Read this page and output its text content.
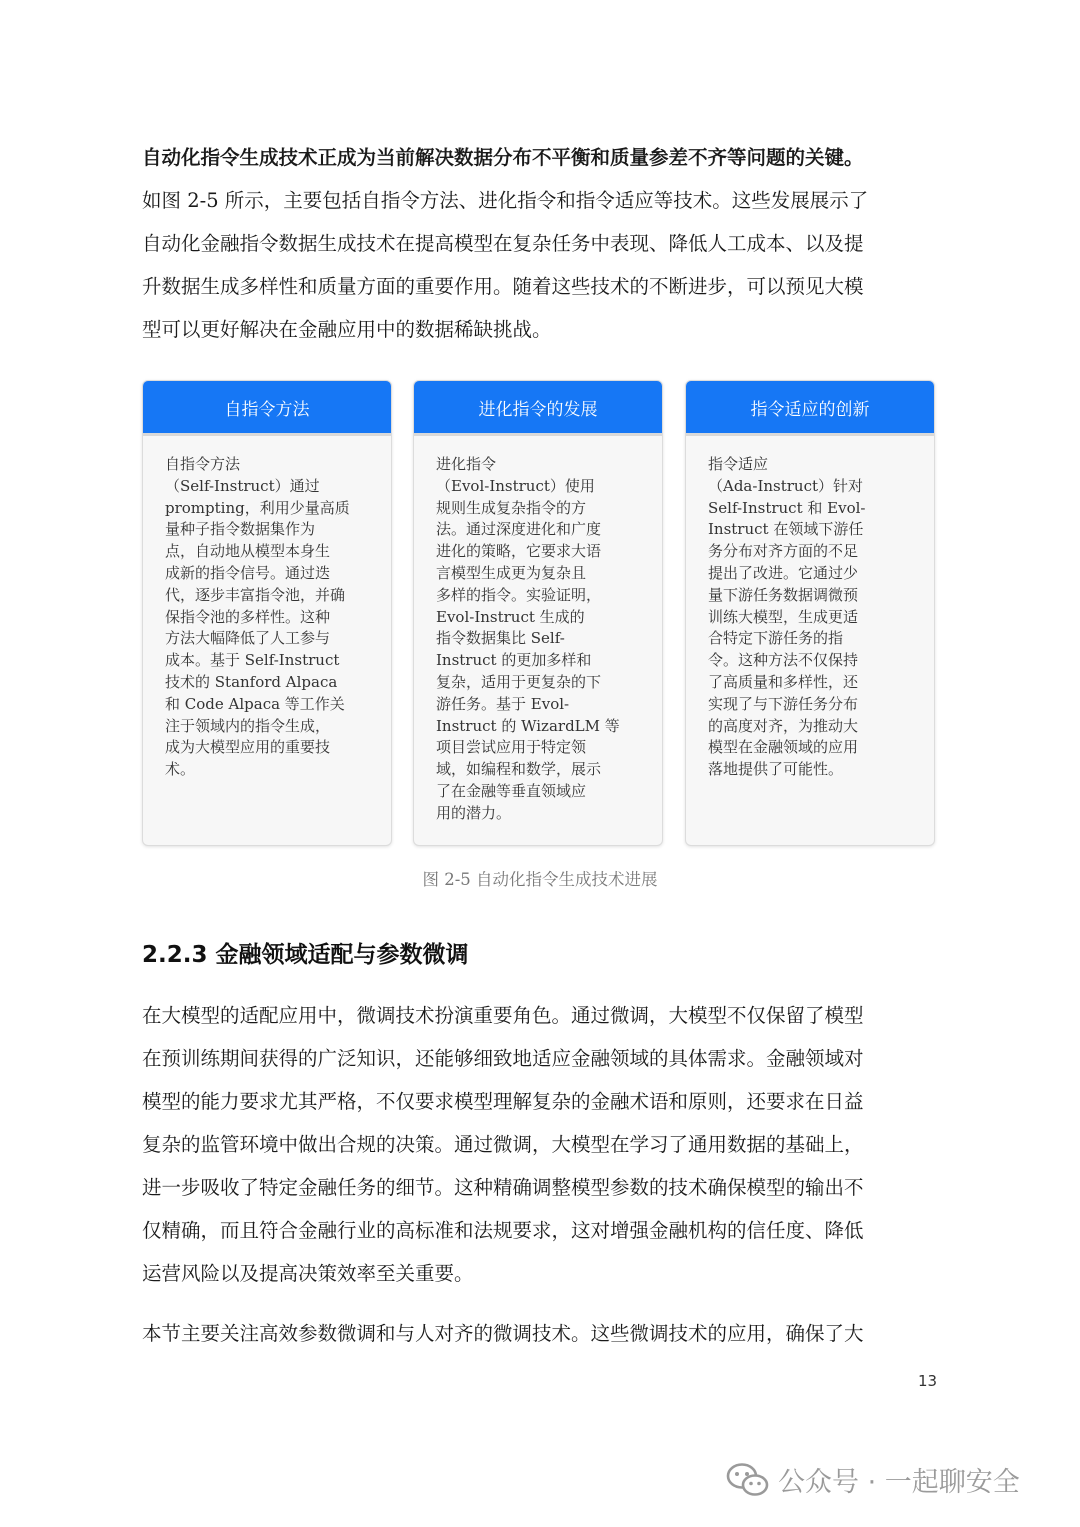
自动化指令生成技术正成为当前解决数据分布不平衡和质量参差不齐等问题的关键。
如图 2-5 所示，主要包括自指令方法、进化指令和指令适应等技术。这些发展展示了
自动化金融指令数据生成技术在提高模型在复杂任务中表现、降低人工成本、以及提
升数据生成多样性和质量方面的重要作用。随着这些技术的不断进步，可以预见大模
型可以更好解决在金融应用中的数据稀缺挑战。
自指令方法
自指令方法
（Self-Instruct）通过
prompting，利用少量高质
量种子指令数据集作为
点，自动地从模型本身生
成新的指令信号。通过迭
代，逐步丰富指令池，并确
保指令池的多样性。这种
方法大幅降低了人工参与
成本。基于 Self-Instruct
技术的 Stanford Alpaca
和 Code Alpaca 等工作关
注于领域内的指令生成，
成为大模型应用的重要技
术。
进化指令的发展
进化指令
（Evol-Instruct）使用
规则生成复杂指令的方
法。通过深度进化和广度
进化的策略，它要求大语
言模型生成更为复杂且
多样的指令。实验证明，
Evol-Instruct 生成的
指令数据集比 Self-
Instruct 的更加多样和
复杂，适用于更复杂的下
游任务。基于 Evol-
Instruct 的 WizardLM 等
项目尝试应用于特定领
域，如编程和数学，展示
了在金融等垂直领域应
用的潜力。
指令适应的创新
指令适应
（Ada-Instruct）针对
Self-Instruct 和 Evol-
Instruct 在领域下游任
务分布对齐方面的不足
提出了改进。它通过少
量下游任务数据调微预
训练大模型，生成更适
合特定下游任务的指
令。这种方法不仅保持
了高质量和多样性，还
实现了与下游任务分布
的高度对齐，为推动大
模型在金融领域的应用
落地提供了可能性。
图 2-5 自动化指令生成技术进展
2.2.3 金融领域适配与参数微调
在大模型的适配应用中，微调技术扮演重要角色。通过微调，大模型不仅保留了模型
在预训练期间获得的广泛知识，还能够细致地适应金融领域的具体需求。金融领域对
模型的能力要求尤其严格，不仅要求模型理解复杂的金融术语和原则，还要求在日益
复杂的监管环境中做出合规的决策。通过微调，大模型在学习了通用数据的基础上，
进一步吸收了特定金融任务的细节。这种精确调整模型参数的技术确保模型的输出不
仅精确，而且符合金融行业的高标准和法规要求，这对增强金融机构的信任度、降低
运营风险以及提高决策效率至关重要。
本节主要关注高效参数微调和与人对齐的微调技术。这些微调技术的应用，确保了大
13
公众号 · 一起聊安全
